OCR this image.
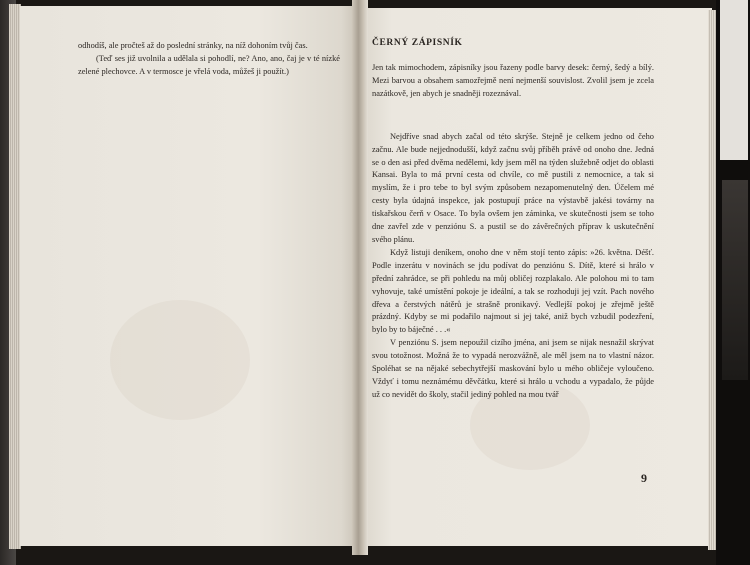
odhodíš, ale pročteš až do poslední stránky, na níž dohoním tvůj čas.

(Teď ses již uvolnila a udělala si pohodlí, ne? Ano, ano, čaj je v té nízké zelené plechovce. A v termosce je vřelá voda, můžeš ji použít.)

ČERNÝ ZÁPISNÍK

Jen tak mimochodem, zápisníky jsou řazeny podle barvy desek: černý, šedý a bílý. Mezi barvou a obsahem samozřejmě není nejmenší souvislost. Zvolil jsem je zcela nazátkově, jen abych je snadněji rozeznával.

Nejdříve snad abych začal od této skrýše. Stejně je celkem jedno od čeho začnu. Ale bude nejjednodušší, když začnu svůj příběh právě od onoho dne. Jedná se o den asi před dvěma nedělemi, kdy jsem měl na týden služebně odjet do oblasti Kansai. Byla to má první cesta od chvíle, co mě pustili z nemocnice, a tak si myslím, že i pro tebe to byl svým způsobem nezapomenutelný den. Účelem mé cesty byla údajná inspekce, jak postupují práce na výstavbě jakési továrny na tiskařskou čerň v Osace. To byla ovšem jen záminka, ve skutečnosti jsem se toho dne zavřel zde v penziónu S. a pustil se do závěrečných příprav k uskutečnění svého plánu.

Když listuji deníkem, onoho dne v něm stojí tento zápis: »26. května. Déšť. Podle inzerátu v novinách se jdu podívat do penziónu S. Dítě, které si hrálo v přední zahrádce, se při pohledu na můj obličej rozplakalo. Ale polohou mi to tam vyhovuje, také umístění pokoje je ideální, a tak se rozhoduji jej vzít. Pach nového dřeva a čerstvých nátěrů je strašně pronikavý. Vedlejší pokoj je zřejmě ještě prázdný. Kdyby se mi podařilo najmout si jej také, aniž bych vzbudil podezření, bylo by to báječné . . .«

V penziónu S. jsem nepoužil cizího jména, ani jsem se nijak nesnažil skrývat svou totožnost. Možná že to vypadá nerozvážně, ale měl jsem na to vlastní názor. Spoléhat se na nějaké sebechytřejší maskování bylo u mého obličeje vyloučeno. Vždyť i tomu neznámému děvčátku, které si hrálo u vchodu a vypadalo, že půjde už co nevidět do školy, stačil jediný pohled na mou tvář

9
